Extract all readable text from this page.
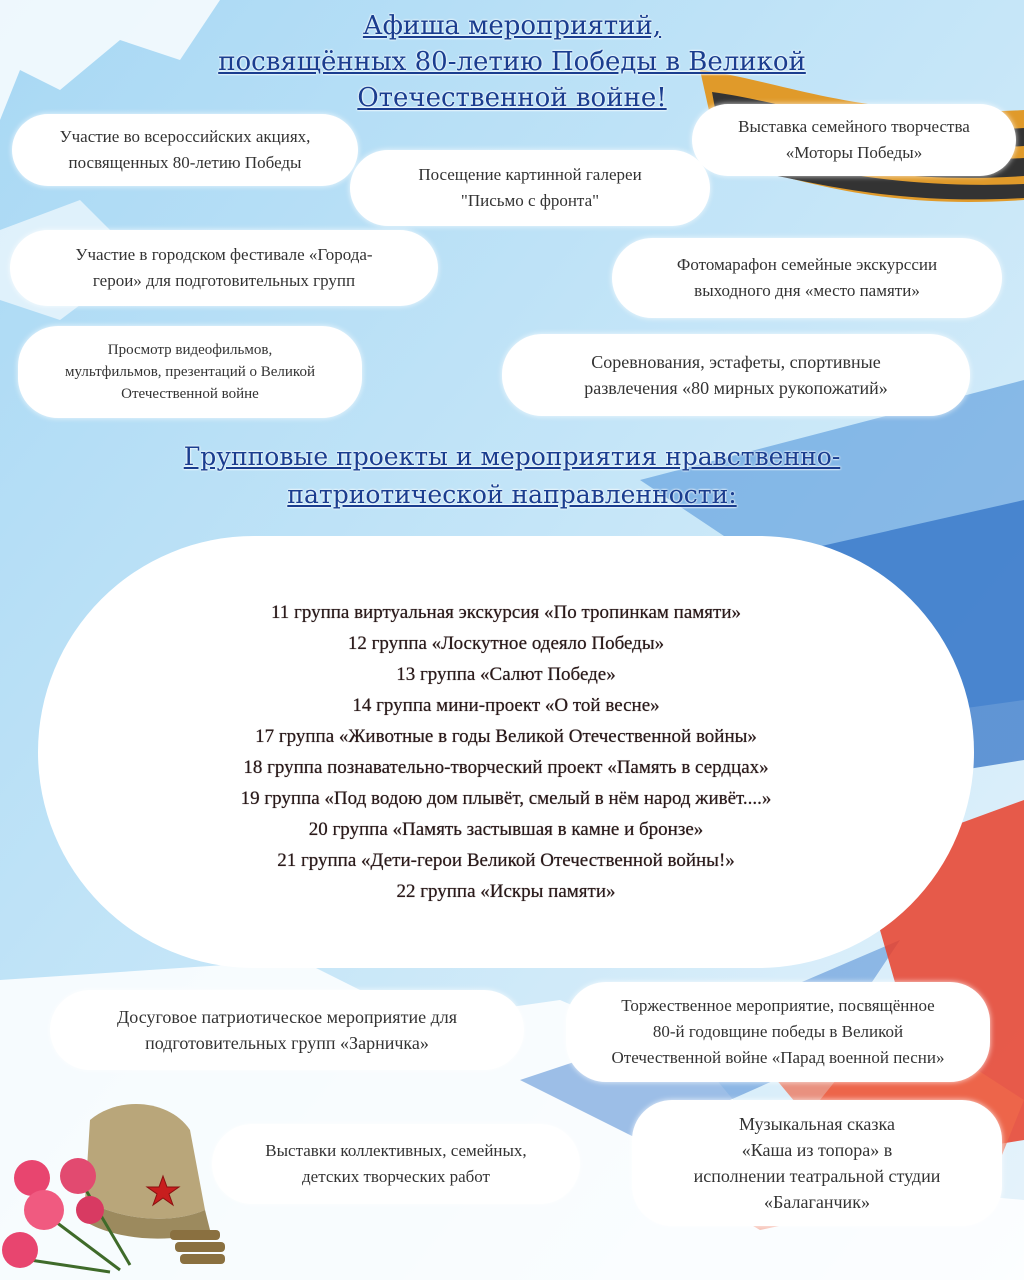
Афиша мероприятий,
посвящённых 80-летию Победы в Великой
Отечественной войне!
Участие во всероссийских акциях,
посвященных 80-летию Победы
Посещение картинной галереи
"Письмо с фронта"
Выставка семейного творчества
«Моторы Победы»
Участие в городском фестивале «Города-
герои» для подготовительных групп
Фотомарафон семейные экскурссии
выходного дня «место памяти»
Просмотр видеофильмов,
мультфильмов, презентаций о Великой
Отечественной войне
Соревнования, эстафеты, спортивные
развлечения «80 мирных рукопожатий»
Групповые проекты и мероприятия нравственно-
патриотической направленности:
11 группа виртуальная экскурсия «По тропинкам памяти»
12 группа «Лоскутное одеяло Победы»
13 группа «Салют Победе»
14 группа мини-проект «О той весне»
17 группа «Животные в годы Великой Отечественной войны»
18 группа познавательно-творческий проект «Память в сердцах»
19 группа «Под водою дом плывёт, смелый в нём народ живёт....»
20 группа «Память застывшая в камне и бронзе»
21 группа «Дети-герои Великой Отечественной войны!»
22 группа «Искры памяти»
Досуговое патриотическое мероприятие для
подготовительных групп «Зарничка»
Торжественное мероприятие, посвящённое
80-й годовщине победы в Великой
Отечественной войне «Парад военной песни»
Выставки коллективных, семейных,
детских творческих работ
Музыкальная сказка
«Каша из топора» в
исполнении театральной студии
«Балаганчик»
